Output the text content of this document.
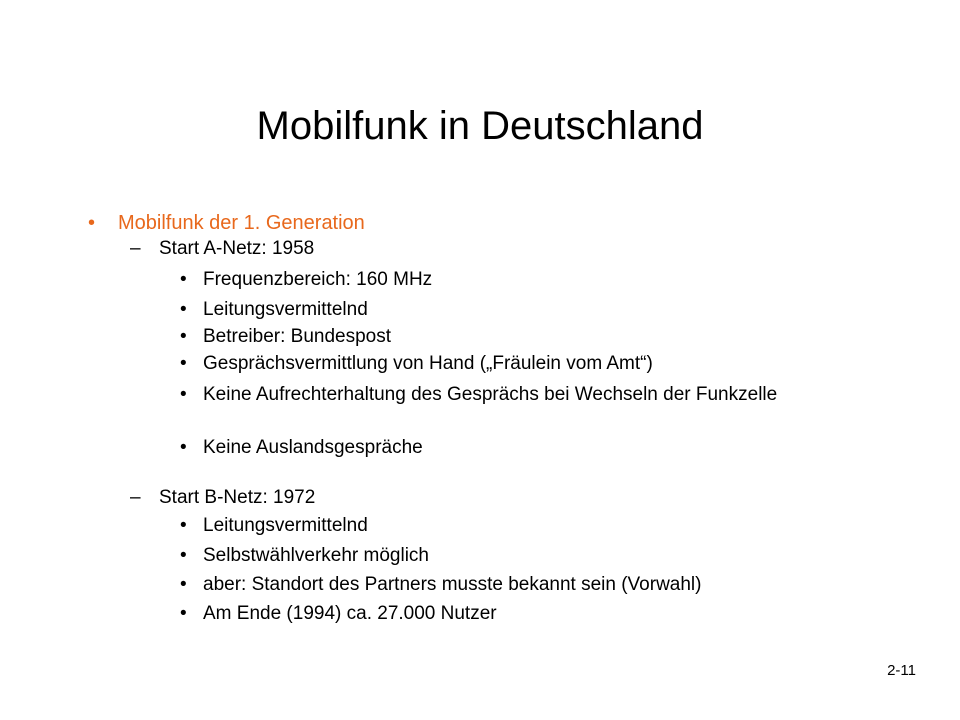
Mobilfunk in Deutschland
• Mobilfunk der 1. Generation
– Start A-Netz: 1958
• Frequenzbereich: 160 MHz
• Leitungsvermittelnd
• Betreiber: Bundespost
• Gesprächsvermittlung von Hand („Fräulein vom Amt“)
• Keine Aufrechterhaltung des Gesprächs bei Wechseln der Funkzelle
• Keine Auslandsgespräche
– Start B-Netz: 1972
• Leitungsvermittelnd
• Selbstwählverkehr möglich
• aber: Standort des Partners musste bekannt sein (Vorwahl)
• Am Ende (1994) ca. 27.000 Nutzer
2-11
